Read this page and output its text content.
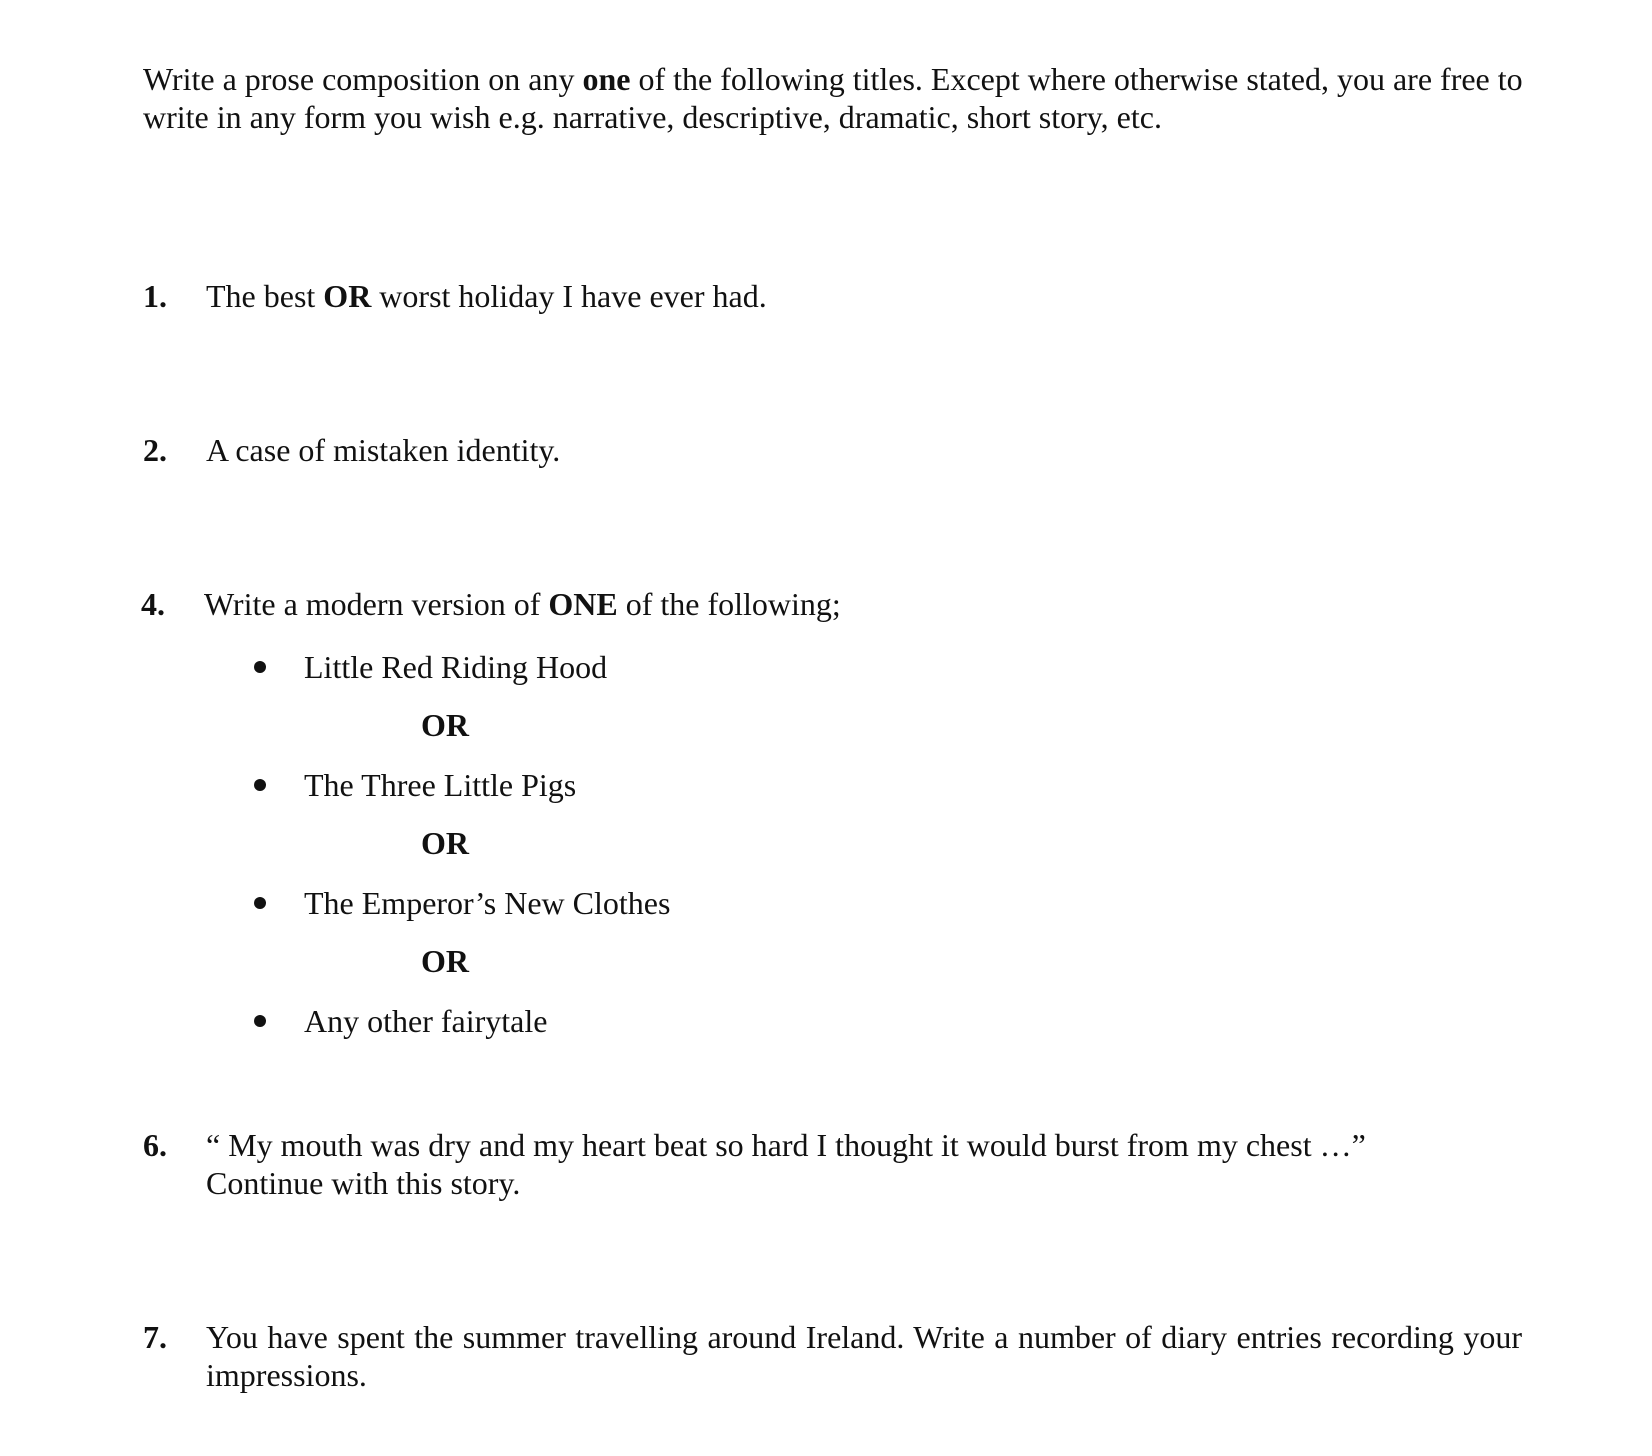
Write a prose composition on any one of the following titles. Except where otherwise stated, you are free to write in any form you wish e.g. narrative, descriptive, dramatic, short story, etc.
1.	The best OR worst holiday I have ever had.
2.	A case of mistaken identity.
4.	Write a modern version of ONE of the following;
Little Red Riding Hood
OR
The Three Little Pigs
OR
The Emperor’s New Clothes
OR
Any other fairytale
6.	“ My mouth was dry and my heart beat so hard I thought it would burst from my chest …”
Continue with this story.
7.	You have spent the summer travelling around Ireland. Write a number of diary entries recording your impressions.
